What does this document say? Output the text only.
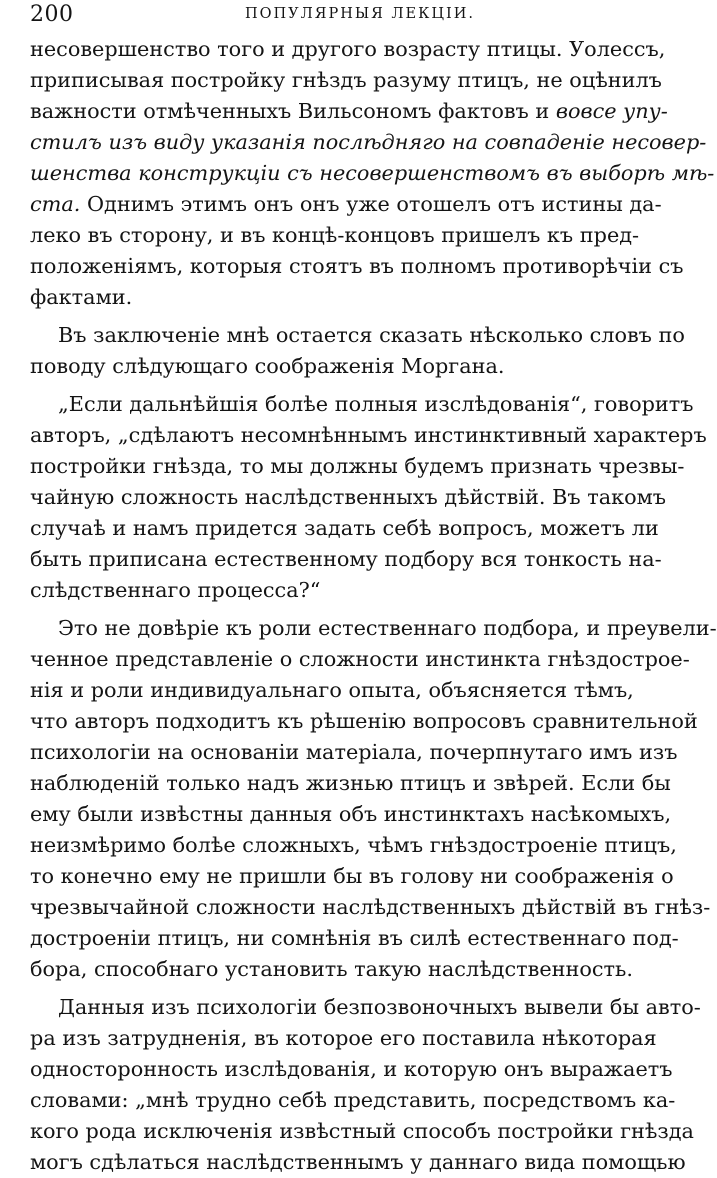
200	ПОПУЛЯРНЫЯ ЛЕКЦІИ.
несовершенство того и другого возрасту птицы. Уолессъ,
приписывая постройку гнѣздъ разуму птицъ, не оцѣнилъ
важности отмѣченныхъ Вильсономъ фактовъ и вовсе упу-
стилъ изъ виду указанія послѣдняго на совпаденіе несовер-
шенства конструкціи съ несовершенствомъ въ выборѣ мѣ-
ста. Однимъ этимъ онъ онъ уже отошелъ отъ истины да-
леко въ сторону, и въ концѣ-концовъ пришелъ къ пред-
положеніямъ, которыя стоятъ въ полномъ противорѣчіи съ
фактами.
Въ заключеніе мнѣ остается сказать нѣсколько словъ по
поводу слѣдующаго соображенія Моргана.
„Если дальнѣйшія болѣе полныя изслѣдованія“, говоритъ
авторъ, „сдѣлаютъ несомнѣннымъ инстинктивный характеръ
постройки гнѣзда, то мы должны будемъ признать чрезвы-
чайную сложность наслѣдственныхъ дѣйствій. Въ такомъ
случаѣ и намъ придется задать себѣ вопросъ, можетъ ли
быть приписана естественному подбору вся тонкость на-
слѣдственнаго процесса?“
Это не довѣріе къ роли естественнаго подбора, и преувели-
ченное представленіе о сложности инстинкта гнѣздострое-
нія и роли индивидуальнаго опыта, объясняется тѣмъ,
что авторъ подходитъ къ рѣшенію вопросовъ сравнительной
психологіи на основаніи матеріала, почерпнутаго имъ изъ
наблюденій только надъ жизнью птицъ и звѣрей. Если бы
ему были извѣстны данныя объ инстинктахъ насѣкомыхъ,
неизмѣримо болѣе сложныхъ, чѣмъ гнѣздостроеніе птицъ,
то конечно ему не пришли бы въ голову ни соображенія о
чрезвычайной сложности наслѣдственныхъ дѣйствій въ гнѣз-
достроеніи птицъ, ни сомнѣнія въ силѣ естественнаго под-
бора, способнаго установить такую наслѣдственность.
Данныя изъ психологіи безпозвоночныхъ вывели бы авто-
ра изъ затрудненія, въ которое его поставила нѣкоторая
односторонность изслѣдованія, и которую онъ выражаетъ
словами: „мнѣ трудно себѣ представить, посредствомъ ка-
кого рода исключенія извѣстный способъ постройки гнѣзда
могъ сдѣлаться наслѣдственнымъ у даннаго вида помощью
